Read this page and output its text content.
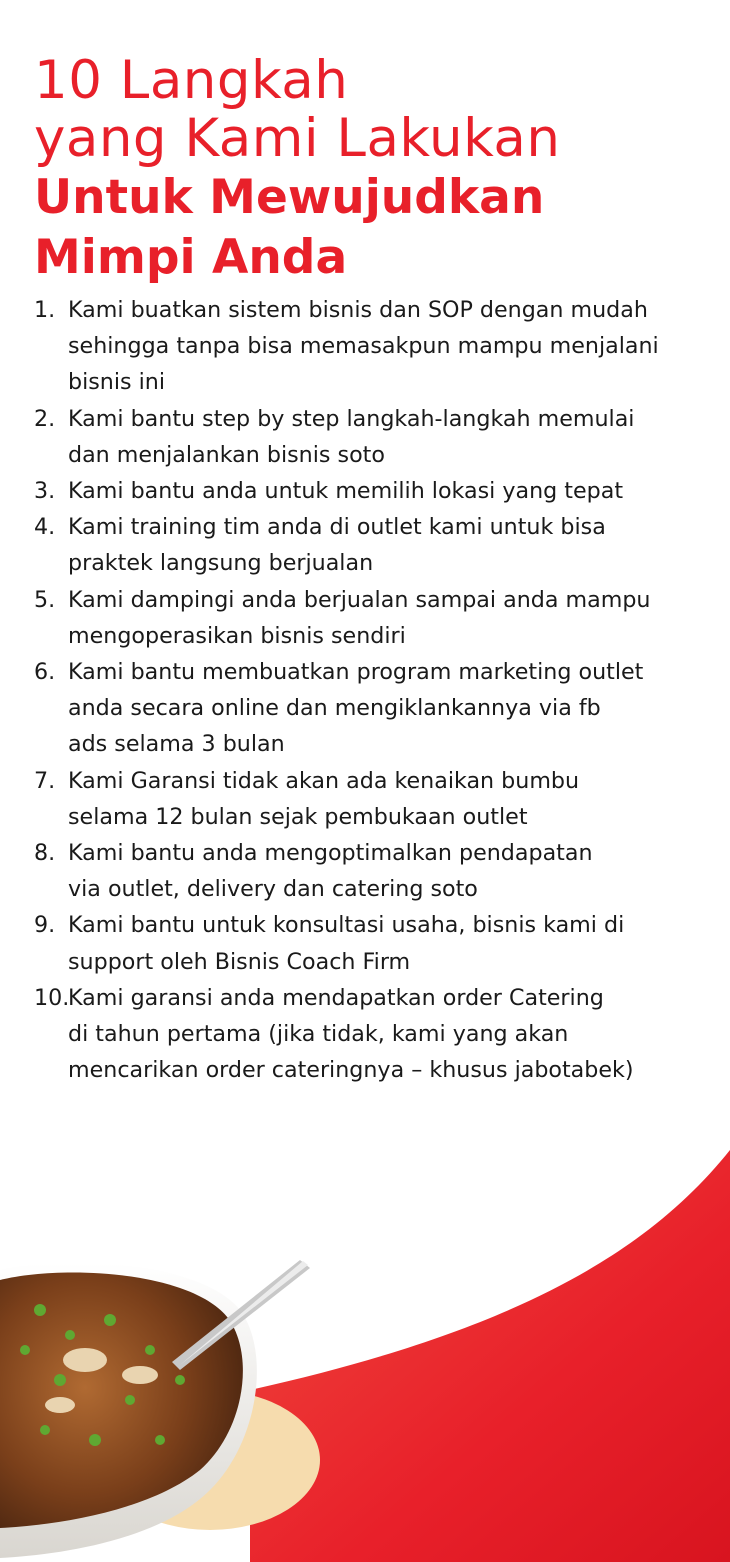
10 Langkah
yang Kami Lakukan
Untuk Mewujudkan
Mimpi Anda
1. Kami buatkan sistem bisnis dan SOP dengan mudah
sehingga tanpa bisa memasakpun mampu menjalani
bisnis ini
2. Kami bantu step by step langkah-langkah memulai
dan menjalankan bisnis soto
3. Kami bantu anda untuk memilih lokasi yang tepat
4. Kami training tim anda di outlet kami untuk bisa
praktek langsung berjualan
5. Kami dampingi anda berjualan sampai anda mampu
mengoperasikan bisnis sendiri
6. Kami bantu membuatkan program marketing outlet
anda secara online dan mengiklankannya via fb
ads selama 3 bulan
7. Kami Garansi tidak akan ada kenaikan bumbu
selama 12 bulan sejak pembukaan outlet
8. Kami bantu anda mengoptimalkan pendapatan
via outlet, delivery dan catering soto
9. Kami bantu untuk konsultasi usaha, bisnis kami di
support oleh Bisnis Coach Firm
10.
Kami garansi anda mendapatkan order Catering
di tahun pertama (jika tidak, kami yang akan
mencarikan order cateringnya – khusus jabotabek)
